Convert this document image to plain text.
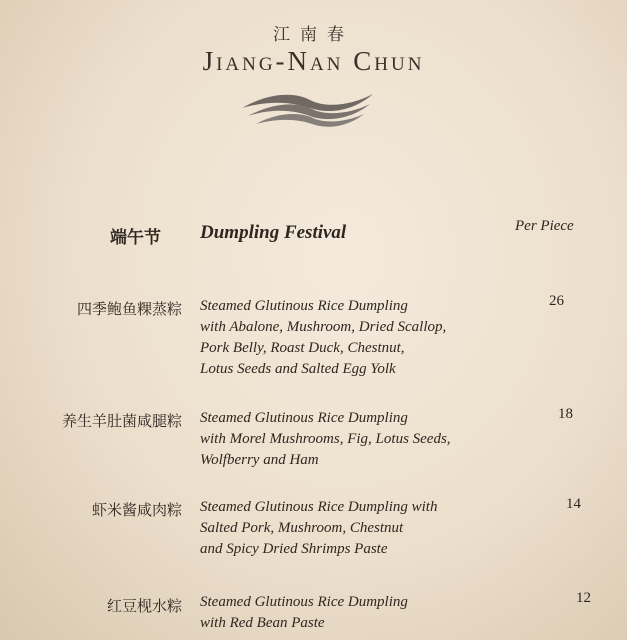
江南春
Jiang-Nan Chun
端午节 Dumpling Festival	Per Piece
四季鲍鱼粿蒸粽 Steamed Glutinous Rice Dumpling
with Abalone, Mushroom, Dried Scallop,
Pork Belly, Roast Duck, Chestnut,
Lotus Seeds and Salted Egg Yolk
26
养生羊肚菌咸腿粽 Steamed Glutinous Rice Dumpling
with Morel Mushrooms, Fig, Lotus Seeds,
Wolfberry and Ham
18
虾米酱咸肉粽 Steamed Glutinous Rice Dumpling with
Salted Pork, Mushroom, Chestnut
and Spicy Dried Shrimps Paste
14
红豆枧水粽 Steamed Glutinous Rice Dumpling
with Red Bean Paste
12
